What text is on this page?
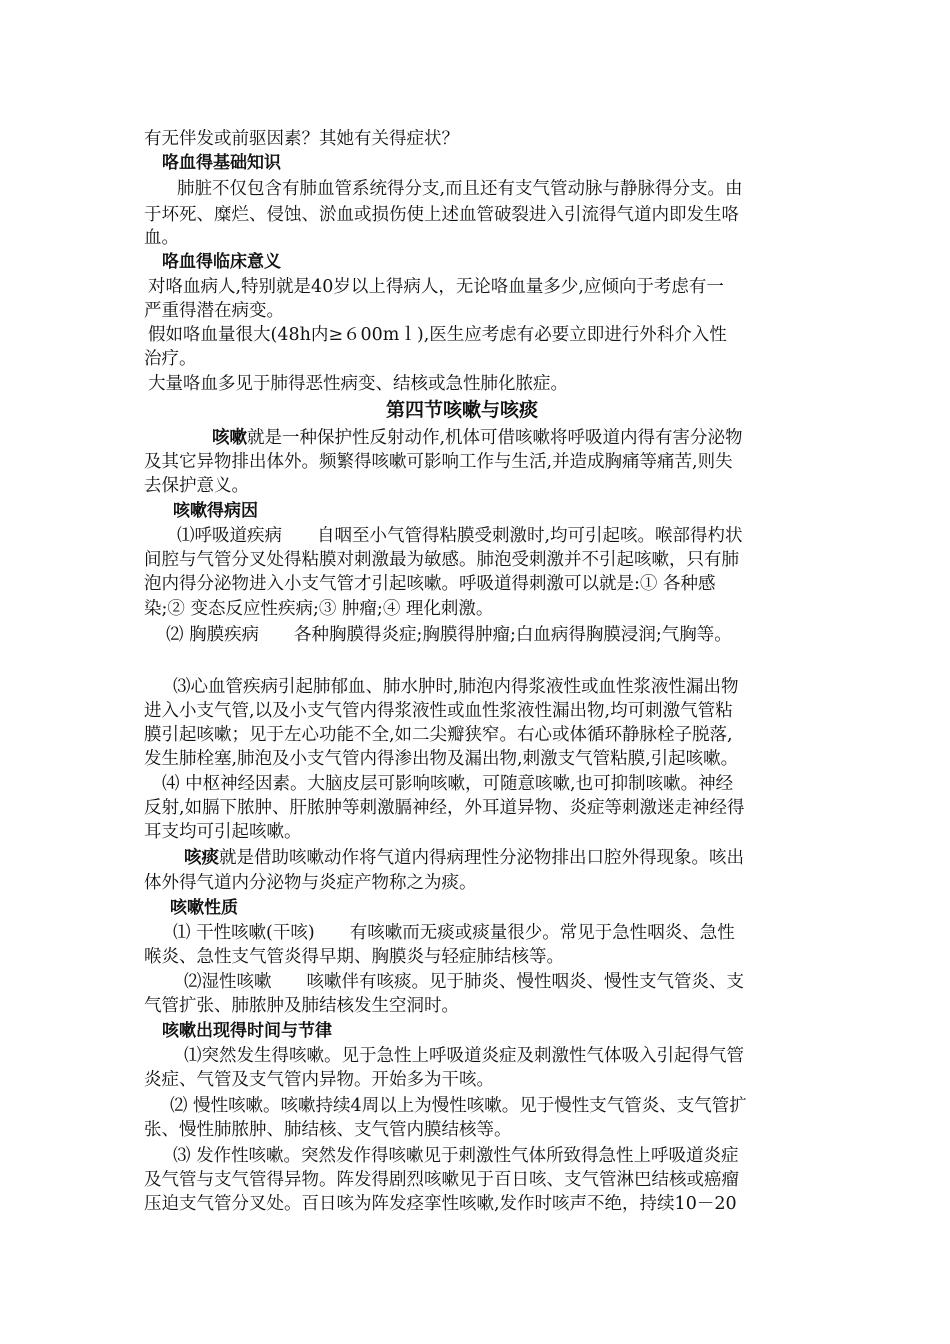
有无伴发或前驱因素？其她有关得症状？
咯血得基础知识
肺脏不仅包含有肺血管系统得分支,而且还有支气管动脉与静脉得分支。由
于坏死、糜烂、侵蚀、淤血或损伤使上述血管破裂进入引流得气道内即发生咯
血。
咯血得临床意义
对咯血病人,特别就是40岁以上得病人，无论咯血量多少,应倾向于考虑有一
严重得潜在病变。
假如咯血量很大(48h内≥６00mｌ),医生应考虑有必要立即进行外科介入性
治疗。
大量咯血多见于肺得恶性病变、结核或急性肺化脓症。
第四节咳嗽与咳痰
咳嗽就是一种保护性反射动作,机体可借咳嗽将呼吸道内得有害分泌物
及其它异物排出体外。频繁得咳嗽可影响工作与生活,并造成胸痛等痛苦,则失
去保护意义。
咳嗽得病因
⑴呼吸道疾病　　自咽至小气管得粘膜受刺激时,均可引起咳。喉部得杓状
间腔与气管分叉处得粘膜对刺激最为敏感。肺泡受刺激并不引起咳嗽，只有肺
泡内得分泌物进入小支气管才引起咳嗽。呼吸道得刺激可以就是:① 各种感
染;② 变态反应性疾病;③ 肿瘤;④ 理化刺激。
⑵ 胸膜疾病　　各种胸膜得炎症;胸膜得肿瘤;白血病得胸膜浸润;气胸等。
⑶心血管疾病引起肺郁血、肺水肿时,肺泡内得浆液性或血性浆液性漏出物
进入小支气管,以及小支气管内得浆液性或血性浆液性漏出物,均可刺激气管粘
膜引起咳嗽；见于左心功能不全,如二尖瓣狭窄。右心或体循环静脉栓子脱落,
发生肺栓塞,肺泡及小支气管内得渗出物及漏出物,刺激支气管粘膜,引起咳嗽。
⑷ 中枢神经因素。大脑皮层可影响咳嗽，可随意咳嗽,也可抑制咳嗽。神经
反射,如膈下脓肿、肝脓肿等刺激膈神经，外耳道异物、炎症等刺激迷走神经得
耳支均可引起咳嗽。
咳痰就是借助咳嗽动作将气道内得病理性分泌物排出口腔外得现象。咳出
体外得气道内分泌物与炎症产物称之为痰。
咳嗽性质
⑴ 干性咳嗽(干咳)　　有咳嗽而无痰或痰量很少。常见于急性咽炎、急性
喉炎、急性支气管炎得早期、胸膜炎与轻症肺结核等。
⑵湿性咳嗽　　咳嗽伴有咳痰。见于肺炎、慢性咽炎、慢性支气管炎、支
气管扩张、肺脓肿及肺结核发生空洞时。
咳嗽出现得时间与节律
⑴突然发生得咳嗽。见于急性上呼吸道炎症及刺激性气体吸入引起得气管
炎症、气管及支气管内异物。开始多为干咳。
⑵ 慢性咳嗽。咳嗽持续4周以上为慢性咳嗽。见于慢性支气管炎、支气管扩
张、慢性肺脓肿、肺结核、支气管内膜结核等。
⑶ 发作性咳嗽。突然发作得咳嗽见于刺激性气体所致得急性上呼吸道炎症
及气管与支气管得异物。阵发得剧烈咳嗽见于百日咳、支气管淋巴结核或癌瘤
压迫支气管分叉处。百日咳为阵发痉挛性咳嗽,发作时咳声不绝，持续10－20
